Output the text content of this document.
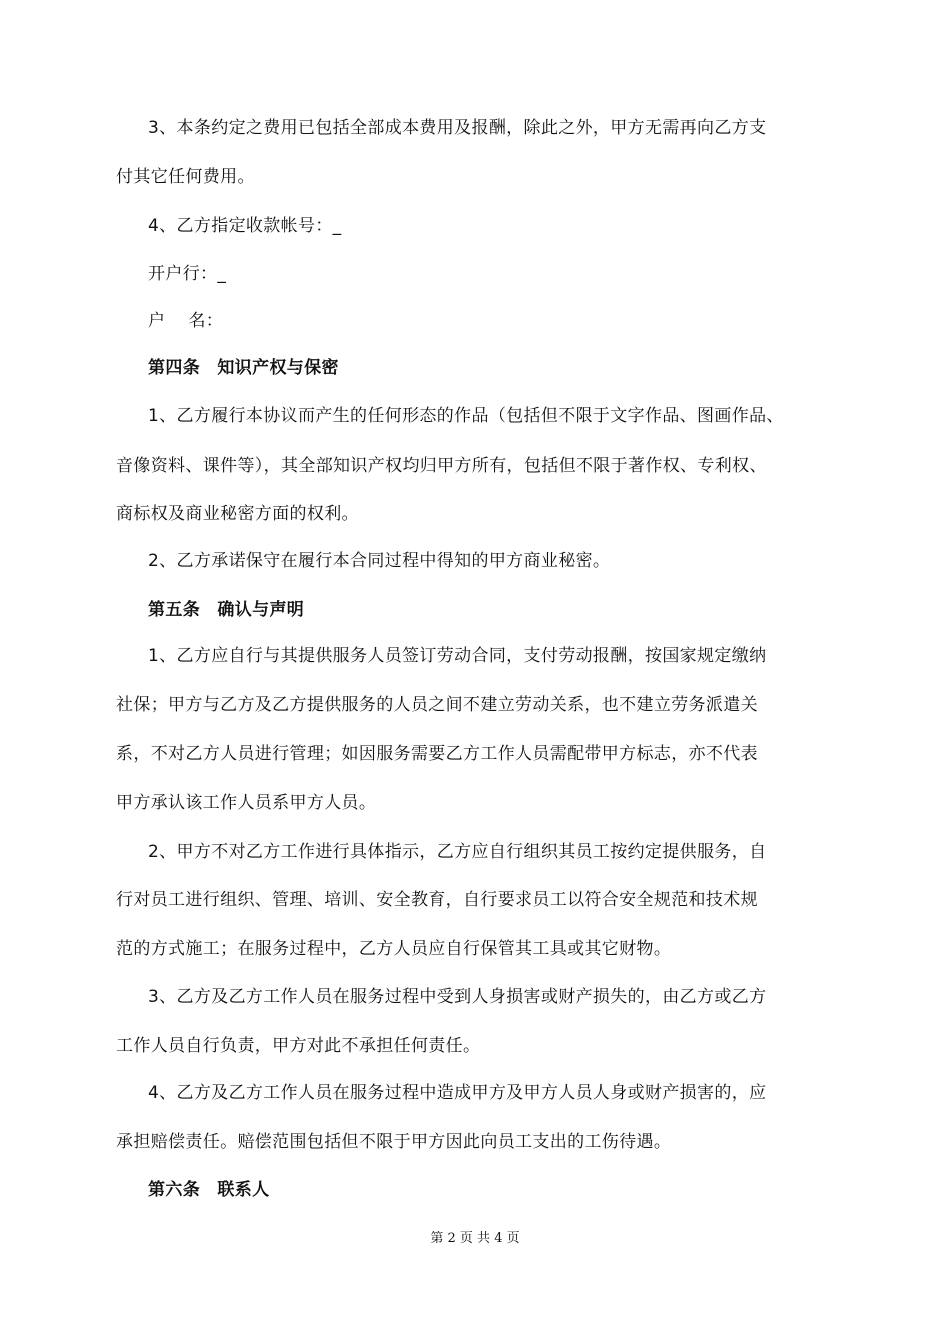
3、本条约定之费用已包括全部成本费用及报酬，除此之外，甲方无需再向乙方支
付其它任何费用。
4、乙方指定收款帐号：_
开户行：_
户　 名：
第四条　知识产权与保密
1、乙方履行本协议而产生的任何形态的作品（包括但不限于文字作品、图画作品、
音像资料、课件等），其全部知识产权均归甲方所有，包括但不限于著作权、专利权、
商标权及商业秘密方面的权利。
2、乙方承诺保守在履行本合同过程中得知的甲方商业秘密。
第五条　确认与声明
1、乙方应自行与其提供服务人员签订劳动合同，支付劳动报酬，按国家规定缴纳
社保；甲方与乙方及乙方提供服务的人员之间不建立劳动关系，也不建立劳务派遣关
系，不对乙方人员进行管理；如因服务需要乙方工作人员需配带甲方标志，亦不代表
甲方承认该工作人员系甲方人员。
2、甲方不对乙方工作进行具体指示，乙方应自行组织其员工按约定提供服务，自
行对员工进行组织、管理、培训、安全教育，自行要求员工以符合安全规范和技术规
范的方式施工；在服务过程中，乙方人员应自行保管其工具或其它财物。
3、乙方及乙方工作人员在服务过程中受到人身损害或财产损失的，由乙方或乙方
工作人员自行负责，甲方对此不承担任何责任。
4、乙方及乙方工作人员在服务过程中造成甲方及甲方人员人身或财产损害的，应
承担赔偿责任。赔偿范围包括但不限于甲方因此向员工支出的工伤待遇。
第六条　联系人
第 2 页 共 4 页
